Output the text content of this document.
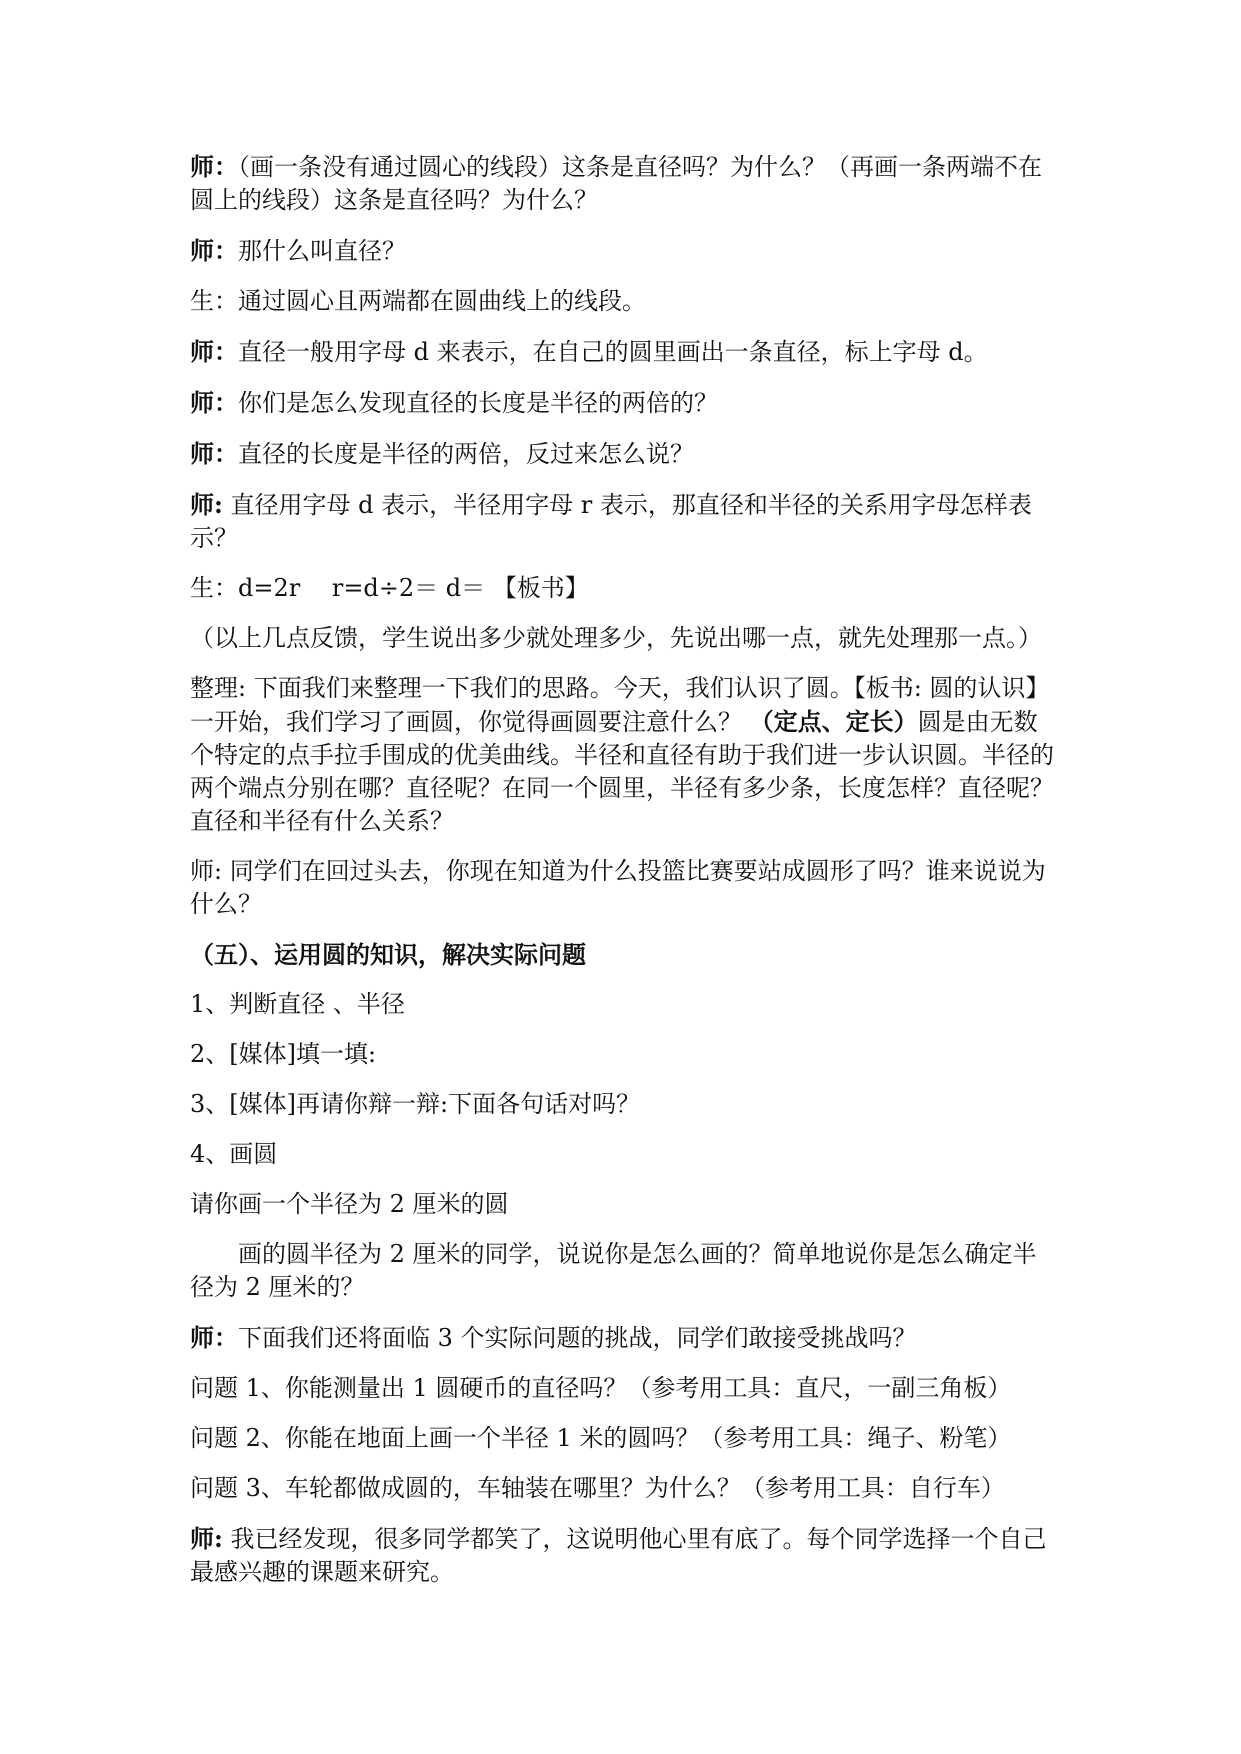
师：（画一条没有通过圆心的线段）这条是直径吗？为什么？（再画一条两端不在圆上的线段）这条是直径吗？为什么？

师：那什么叫直径？

生：通过圆心且两端都在圆曲线上的线段。

师：直径一般用字母 d 来表示，在自己的圆里画出一条直径，标上字母 d。

师：你们是怎么发现直径的长度是半径的两倍的？

师：直径的长度是半径的两倍，反过来怎么说？

师: 直径用字母 d 表示，半径用字母 r 表示，那直径和半径的关系用字母怎样表示？

生：d=2r　 r=d÷2＝ d＝ 【板书】

（以上几点反馈，学生说出多少就处理多少，先说出哪一点，就先处理那一点。）

整理: 下面我们来整理一下我们的思路。今天，我们认识了圆。【板书: 圆的认识】一开始，我们学习了画圆，你觉得画圆要注意什么？ （定点、定长）圆是由无数个特定的点手拉手围成的优美曲线。半径和直径有助于我们进一步认识圆。半径的两个端点分别在哪？直径呢？在同一个圆里，半径有多少条，长度怎样？直径呢？直径和半径有什么关系？

师: 同学们在回过头去，你现在知道为什么投篮比赛要站成圆形了吗？谁来说说为什么？

（五）、运用圆的知识，解决实际问题

1、判断直径 、半径

2、[媒体]填一填:

3、[媒体]再请你辩一辩:下面各句话对吗？

4、画圆

请你画一个半径为 2 厘米的圆

画的圆半径为 2 厘米的同学，说说你是怎么画的？简单地说你是怎么确定半径为 2 厘米的？

师：下面我们还将面临 3 个实际问题的挑战，同学们敢接受挑战吗？

问题 1、你能测量出 1 圆硬币的直径吗？（参考用工具：直尺，一副三角板）

问题 2、你能在地面上画一个半径 1 米的圆吗？（参考用工具：绳子、粉笔）

问题 3、车轮都做成圆的，车轴装在哪里？为什么？（参考用工具：自行车）

师: 我已经发现，很多同学都笑了，这说明他心里有底了。每个同学选择一个自己最感兴趣的课题来研究。
